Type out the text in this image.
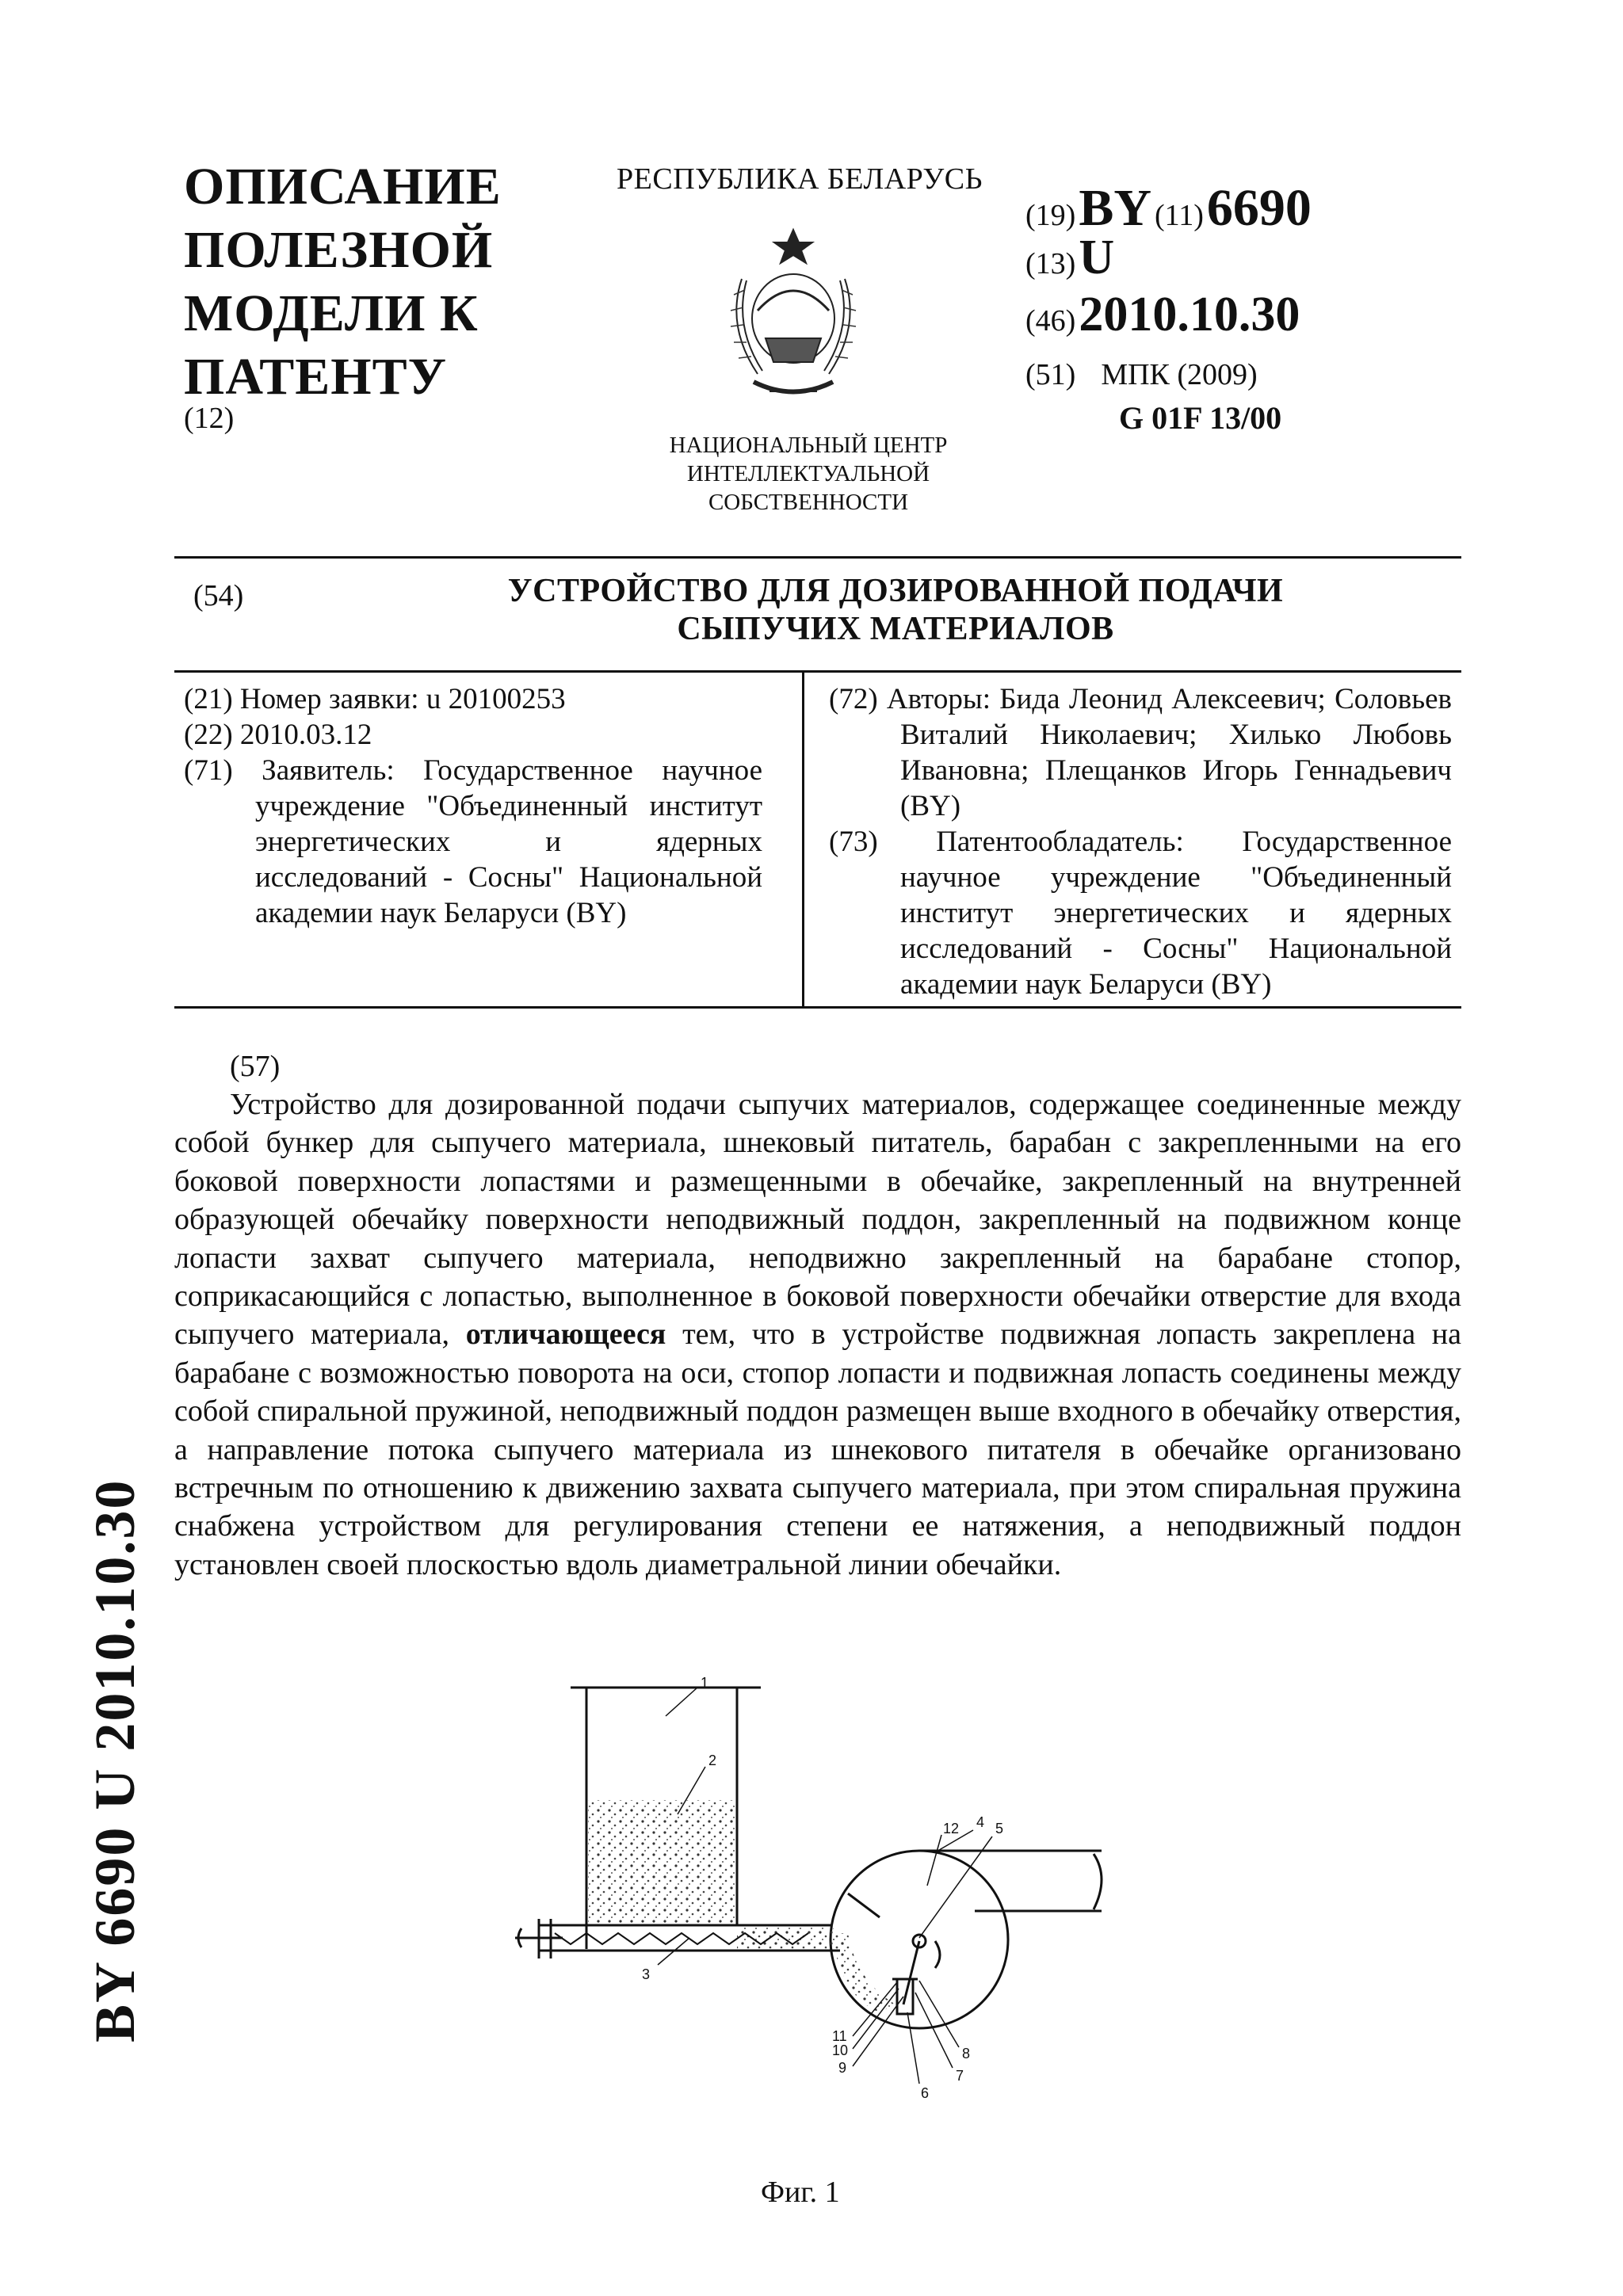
ОПИСАНИЕ ПОЛЕЗНОЙ МОДЕЛИ К ПАТЕНТУ
(12)
РЕСПУБЛИКА БЕЛАРУСЬ
НАЦИОНАЛЬНЫЙ ЦЕНТР ИНТЕЛЛЕКТУАЛЬНОЙ СОБСТВЕННОСТИ
(19) BY (11) 6690
(13) U
(46) 2010.10.30
(51) МПК (2009)
G 01F 13/00
(54)	УСТРОЙСТВО ДЛЯ ДОЗИРОВАННОЙ ПОДАЧИ СЫПУЧИХ МАТЕРИАЛОВ
(21) Номер заявки: u 20100253
(22) 2010.03.12
(71) Заявитель: Государственное научное учреждение "Объединенный институт энергетических и ядерных исследований - Сосны" Национальной академии наук Беларуси (BY)
(72) Авторы: Бида Леонид Алексеевич; Соловьев Виталий Николаевич; Хилько Любовь Ивановна; Плещанков Игорь Геннадьевич (BY)
(73) Патентообладатель: Государственное научное учреждение "Объединенный институт энергетических и ядерных исследований - Сосны" Национальной академии наук Беларуси (BY)
(57)
Устройство для дозированной подачи сыпучих материалов, содержащее соединенные между собой бункер для сыпучего материала, шнековый питатель, барабан с закрепленными на его боковой поверхности лопастями и размещенными в обечайке, закрепленный на внутренней образующей обечайку поверхности неподвижный поддон, закрепленный на подвижном конце лопасти захват сыпучего материала, неподвижно закрепленный на барабане стопор, соприкасающийся с лопастью, выполненное в боковой поверхности обечайки отверстие для входа сыпучего материала, отличающееся тем, что в устройстве подвижная лопасть закреплена на барабане с возможностью поворота на оси, стопор лопасти и подвижная лопасть соединены между собой спиральной пружиной, неподвижный поддон размещен выше входного в обечайку отверстия, а направление потока сыпучего материала из шнекового питателя в обечайке организовано встречным по отношению к движению захвата сыпучего материала, при этом спиральная пружина снабжена устройством для регулирования степени ее натяжения, а неподвижный поддон установлен своей плоскостью вдоль диаметральной линии обечайки.
1
2
3
4 5
6
7
8
9
10
11
12
Фиг. 1
BY 6690 U 2010.10.30
